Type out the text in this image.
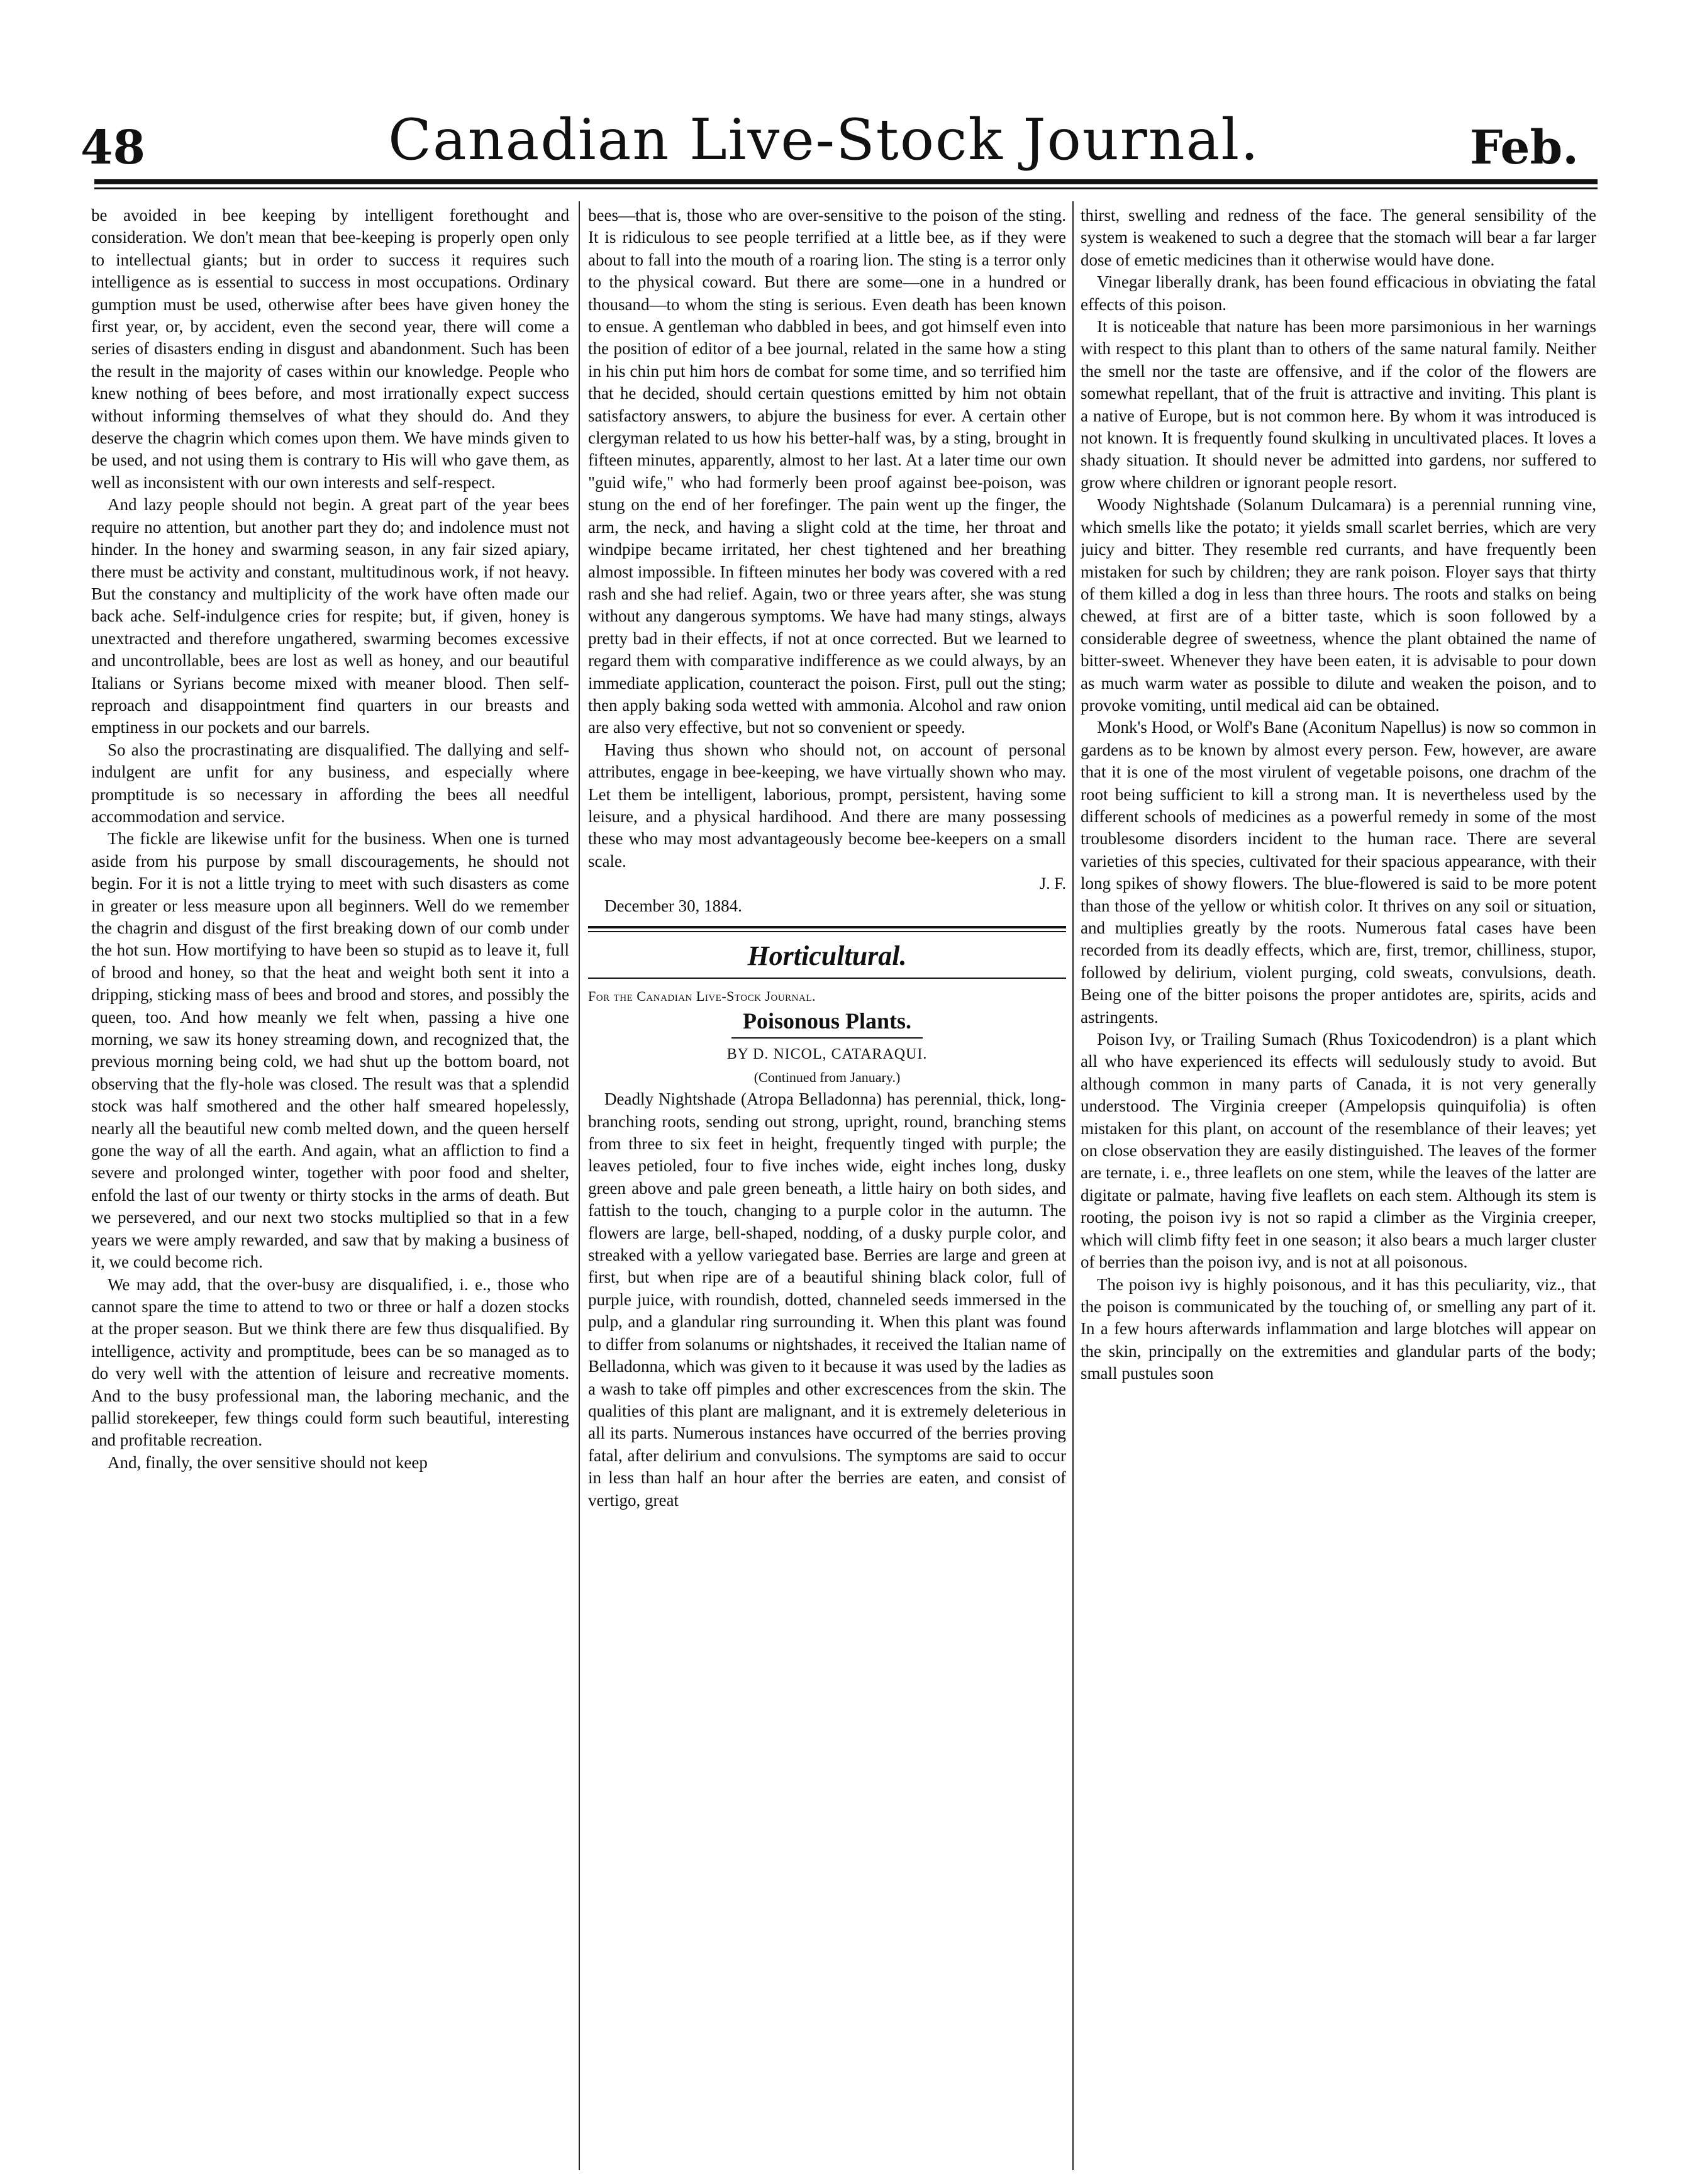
48	Canadian Live-Stock Journal.	Feb.

be avoided in bee keeping by intelligent forethought and consideration. We don't mean that bee-keeping is properly open only to intellectual giants; but in order to success it requires such intelligence as is essential to success in most occupations. Ordinary gumption must be used, otherwise after bees have given honey the first year, or, by accident, even the second year, there will come a series of disasters ending in disgust and abandonment. Such has been the result in the majority of cases within our knowledge. People who knew nothing of bees before, and most irrationally expect success without informing themselves of what they should do. And they deserve the chagrin which comes upon them. We have minds given to be used, and not using them is contrary to His will who gave them, as well as inconsistent with our own interests and self-respect.

And lazy people should not begin. A great part of the year bees require no attention, but another part they do; and indolence must not hinder. In the honey and swarming season, in any fair sized apiary, there must be activity and constant, multitudinous work, if not heavy. But the constancy and multiplicity of the work have often made our back ache. Self-indulgence cries for respite; but, if given, honey is unextracted and therefore ungathered, swarming becomes excessive and uncontrollable, bees are lost as well as honey, and our beautiful Italians or Syrians become mixed with meaner blood. Then self-reproach and disappointment find quarters in our breasts and emptiness in our pockets and our barrels.

So also the procrastinating are disqualified. The dallying and self-indulgent are unfit for any business, and especially where promptitude is so necessary in affording the bees all needful accommodation and service.

The fickle are likewise unfit for the business. When one is turned aside from his purpose by small discouragements, he should not begin. For it is not a little trying to meet with such disasters as come in greater or less measure upon all beginners. Well do we remember the chagrin and disgust of the first breaking down of our comb under the hot sun. How mortifying to have been so stupid as to leave it, full of brood and honey, so that the heat and weight both sent it into a dripping, sticking mass of bees and brood and stores, and possibly the queen, too. And how meanly we felt when, passing a hive one morning, we saw its honey streaming down, and recognized that, the previous morning being cold, we had shut up the bottom board, not observing that the fly-hole was closed. The result was that a splendid stock was half smothered and the other half smeared hopelessly, nearly all the beautiful new comb melted down, and the queen herself gone the way of all the earth. And again, what an affliction to find a severe and prolonged winter, together with poor food and shelter, enfold the last of our twenty or thirty stocks in the arms of death. But we persevered, and our next two stocks multiplied so that in a few years we were amply rewarded, and saw that by making a business of it, we could become rich.

We may add, that the over-busy are disqualified, i. e., those who cannot spare the time to attend to two or three or half a dozen stocks at the proper season. But we think there are few thus disqualified. By intelligence, activity and promptitude, bees can be so managed as to do very well with the attention of leisure and recreative moments. And to the busy professional man, the laboring mechanic, and the pallid storekeeper, few things could form such beautiful, interesting and profitable recreation.

And, finally, the over sensitive should not keep

bees—that is, those who are over-sensitive to the poison of the sting. It is ridiculous to see people terrified at a little bee, as if they were about to fall into the mouth of a roaring lion. The sting is a terror only to the physical coward. But there are some—one in a hundred or thousand—to whom the sting is serious. Even death has been known to ensue. A gentleman who dabbled in bees, and got himself even into the position of editor of a bee journal, related in the same how a sting in his chin put him hors de combat for some time, and so terrified him that he decided, should certain questions emitted by him not obtain satisfactory answers, to abjure the business for ever. A certain other clergyman related to us how his better-half was, by a sting, brought in fifteen minutes, apparently, almost to her last. At a later time our own "guid wife," who had formerly been proof against bee-poison, was stung on the end of her forefinger. The pain went up the finger, the arm, the neck, and having a slight cold at the time, her throat and windpipe became irritated, her chest tightened and her breathing almost impossible. In fifteen minutes her body was covered with a red rash and she had relief. Again, two or three years after, she was stung without any dangerous symptoms. We have had many stings, always pretty bad in their effects, if not at once corrected. But we learned to regard them with comparative indifference as we could always, by an immediate application, counteract the poison. First, pull out the sting; then apply baking soda wetted with ammonia. Alcohol and raw onion are also very effective, but not so convenient or speedy.

Having thus shown who should not, on account of personal attributes, engage in bee-keeping, we have virtually shown who may. Let them be intelligent, laborious, prompt, persistent, having some leisure, and a physical hardihood. And there are many possessing these who may most advantageously become bee-keepers on a small scale.

J. F.

December 30, 1884.

Horticultural.

For the Canadian Live-Stock Journal.

Poisonous Plants.

BY D. NICOL, CATARAQUI.

(Continued from January.)

Deadly Nightshade (Atropa Belladonna) has perennial, thick, long-branching roots, sending out strong, upright, round, branching stems from three to six feet in height, frequently tinged with purple; the leaves petioled, four to five inches wide, eight inches long, dusky green above and pale green beneath, a little hairy on both sides, and fattish to the touch, changing to a purple color in the autumn. The flowers are large, bell-shaped, nodding, of a dusky purple color, and streaked with a yellow variegated base. Berries are large and green at first, but when ripe are of a beautiful shining black color, full of purple juice, with roundish, dotted, channeled seeds immersed in the pulp, and a glandular ring surrounding it. When this plant was found to differ from solanums or nightshades, it received the Italian name of Belladonna, which was given to it because it was used by the ladies as a wash to take off pimples and other excrescences from the skin. The qualities of this plant are malignant, and it is extremely deleterious in all its parts. Numerous instances have occurred of the berries proving fatal, after delirium and convulsions. The symptoms are said to occur in less than half an hour after the berries are eaten, and consist of vertigo, great

thirst, swelling and redness of the face. The general sensibility of the system is weakened to such a degree that the stomach will bear a far larger dose of emetic medicines than it otherwise would have done.

Vinegar liberally drank, has been found efficacious in obviating the fatal effects of this poison.

It is noticeable that nature has been more parsimonious in her warnings with respect to this plant than to others of the same natural family. Neither the smell nor the taste are offensive, and if the color of the flowers are somewhat repellant, that of the fruit is attractive and inviting. This plant is a native of Europe, but is not common here. By whom it was introduced is not known. It is frequently found skulking in uncultivated places. It loves a shady situation. It should never be admitted into gardens, nor suffered to grow where children or ignorant people resort.

Woody Nightshade (Solanum Dulcamara) is a perennial running vine, which smells like the potato; it yields small scarlet berries, which are very juicy and bitter. They resemble red currants, and have frequently been mistaken for such by children; they are rank poison. Floyer says that thirty of them killed a dog in less than three hours. The roots and stalks on being chewed, at first are of a bitter taste, which is soon followed by a considerable degree of sweetness, whence the plant obtained the name of bitter-sweet. Whenever they have been eaten, it is advisable to pour down as much warm water as possible to dilute and weaken the poison, and to provoke vomiting, until medical aid can be obtained.

Monk's Hood, or Wolf's Bane (Aconitum Napellus) is now so common in gardens as to be known by almost every person. Few, however, are aware that it is one of the most virulent of vegetable poisons, one drachm of the root being sufficient to kill a strong man. It is nevertheless used by the different schools of medicines as a powerful remedy in some of the most troublesome disorders incident to the human race. There are several varieties of this species, cultivated for their spacious appearance, with their long spikes of showy flowers. The blue-flowered is said to be more potent than those of the yellow or whitish color. It thrives on any soil or situation, and multiplies greatly by the roots. Numerous fatal cases have been recorded from its deadly effects, which are, first, tremor, chilliness, stupor, followed by delirium, violent purging, cold sweats, convulsions, death. Being one of the bitter poisons the proper antidotes are, spirits, acids and astringents.

Poison Ivy, or Trailing Sumach (Rhus Toxicodendron) is a plant which all who have experienced its effects will sedulously study to avoid. But although common in many parts of Canada, it is not very generally understood. The Virginia creeper (Ampelopsis quinquifolia) is often mistaken for this plant, on account of the resemblance of their leaves; yet on close observation they are easily distinguished. The leaves of the former are ternate, i. e., three leaflets on one stem, while the leaves of the latter are digitate or palmate, having five leaflets on each stem. Although its stem is rooting, the poison ivy is not so rapid a climber as the Virginia creeper, which will climb fifty feet in one season; it also bears a much larger cluster of berries than the poison ivy, and is not at all poisonous.

The poison ivy is highly poisonous, and it has this peculiarity, viz., that the poison is communicated by the touching of, or smelling any part of it. In a few hours afterwards inflammation and large blotches will appear on the skin, principally on the extremities and glandular parts of the body; small pustules soon
